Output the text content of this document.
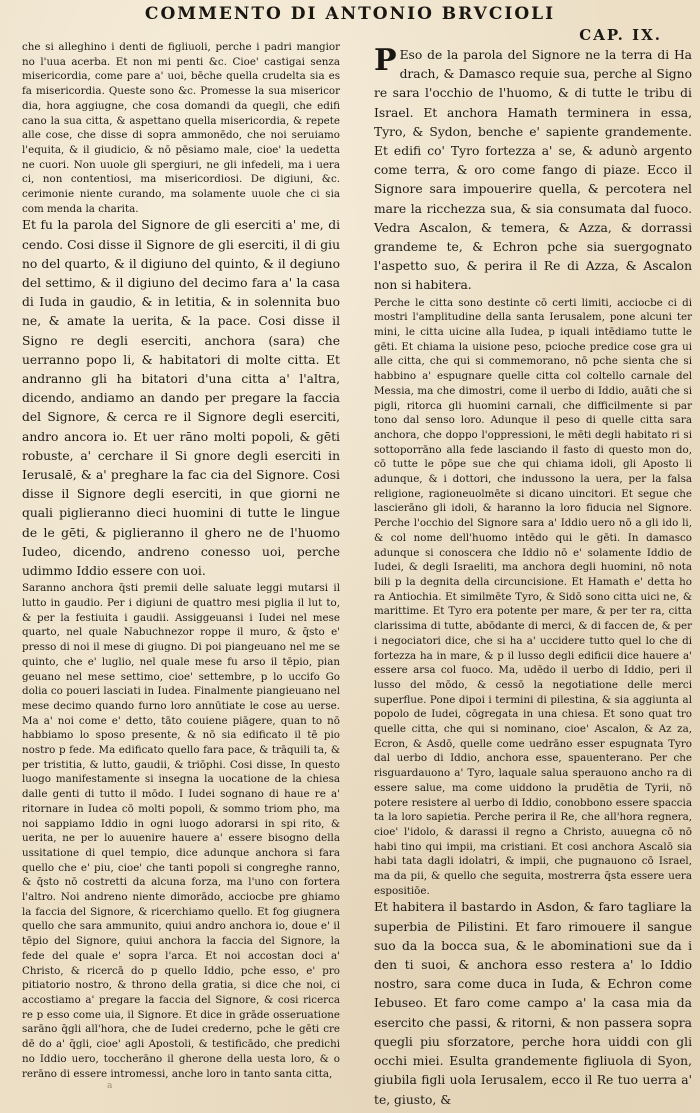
COMMENTO DI ANTONIO BRVCIOLI

che si alleghino i denti de figliuoli, perche i padri mangior no l'uua acerba. Et non mi penti &c. Cioe' castigai senza misericordia, come pare a' uoi, bēche quella crudelta sia es fa misericordia. Queste sono &c. Promesse la sua misericor dia, hora aggiugne, che cosa domandi da quegli, che edifi cano la sua citta, & aspettano quella misericordia, & repete alle cose, che disse di sopra ammonēdo, che noi seruiamo l'equita, & il giudicio, & nō pēsiamo male, cioe' la uedetta ne cuori. Non uuole gli spergiuri, ne gli infedeli, ma i uera ci, non contentiosi, ma misericordiosi. De digiuni, &c. cerimonie niente curando, ma solamente uuole che ci sia com menda la charita.

Et fu la parola del Signore de gli eserciti a' me, di cendo. Cosi disse il Signore de gli eserciti, il di giu no del quarto, & il digiuno del quinto, & il degiuno del settimo, & il digiuno del decimo fara a' la casa di Iuda in gaudio, & in letitia, & in solennita buo ne, & amate la uerita, & la pace. Cosi disse il Signo re degli eserciti, anchora (sara) che uerranno popo li, & habitatori di molte citta. Et andranno gli ha bitatori d'una citta a' l'altra, dicendo, andiamo an dando per pregare la faccia del Signore, & cerca re il Signore degli eserciti, andro ancora io. Et uer rāno molti popoli, & gēti robuste, a' cerchare il Si gnore degli eserciti in Ierusalē, & a' preghare la fac cia del Signore. Cosi disse il Signore degli eserciti, in que giorni ne quali piglieranno dieci huomini di tutte le lingue de le gēti, & piglieranno il ghero ne de l'huomo Iudeo, dicendo, andreno conesso uoi, perche udimmo Iddio essere con uoi.

Saranno anchora q̄sti premii delle saluate leggi mutarsi il lutto in gaudio. Per i digiuni de quattro mesi piglia il lut to, & per la festiuita i gaudii. Assiggeuansi i Iudei nel mese quarto, nel quale Nabuchnezor roppe il muro, & q̄sto e' presso di noi il mese di giugno. Di poi piangeuano nel me se quinto, che e' luglio, nel quale mese fu arso il tēpio, pian geuano nel mese settimo, cioe' settembre, p lo uccifo Go dolia co poueri lasciati in Iudea. Finalmente piangieuano nel mese decimo quando furno loro annūtiate le cose au uerse. Ma a' noi come e' detto, tāto couiene piāgere, quan to nō habbiamo lo sposo presente, & nō sia edificato il tē pio nostro p fede. Ma edificato quello fara pace, & trāquili ta, & per tristitia, & lutto, gaudii, & triōphi. Cosi disse, In questo luogo manifestamente si insegna la uocatione de la chiesa dalle genti di tutto il mōdo. I Iudei sognano di haue re a' ritornare in Iudea cō molti popoli, & sommo triom pho, ma noi sappiamo Iddio in ogni luogo adorarsi in spi rito, & uerita, ne per lo auuenire hauere a' essere bisogno della ussitatione di quel tempio, dice adunque anchora si fara quello che e' piu, cioe' che tanti popoli si congreghe ranno, & q̄sto nō costretti da alcuna forza, ma l'uno con fortera l'altro. Noi andreno niente dimorādo, acciocbe pre ghiamo la faccia del Signore, & ricerchiamo quello. Et fog giugnera quello che sara ammunito, quiui andro anchora io, doue e' il tēpio del Signore, quiui anchora la faccia del Signore, la fede del quale e' sopra l'arca. Et noi accostan doci a' Christo, & ricercā do p quello Iddio, pche esso, e' pro pitiatorio nostro, & throno della gratia, si dice che noi, ci accostiamo a' pregare la faccia del Signore, & cosi ricerca re p esso come uia, il Signore. Et dice in grāde osseruatione sarāno q̄gli all'hora, che de Iudei crederno, pche le gēti cre dē do a' q̄gli, cioe' agli Apostoli, & testificādo, che predichi no Iddio uero, toccherāno il gherone della uesta loro, & o rerāno di essere intromessi, anche loro in tanto santa citta,

CAP. IX.

P Eso de la parola del Signore ne la terra di Ha drach, & Damasco requie sua, perche al Signo re sara l'occhio de l'huomo, & di tutte le tribu di Israel. Et anchora Hamath terminera in essa, Tyro, & Sydon, benche e' sapiente grandemente. Et edifi co' Tyro fortezza a' se, & adunò argento come terra, & oro come fango di piaze. Ecco il Signore sara impouerire quella, & percotera nel mare la ricchezza sua, & sia consumata dal fuoco. Vedra Ascalon, & temera, & Azza, & dorrassi grandeme te, & Echron pche sia suergognato l'aspetto suo, & perira il Re di Azza, & Ascalon non si habitera.

Perche le citta sono destinte cō certi limiti, acciocbe ci di mostri l'amplitudine della santa Ierusalem, pone alcuni ter mini, le citta uicine alla Iudea, p iquali intēdiamo tutte le gēti. Et chiama la uisione peso, pcioche predice cose gra ui alle citta, che qui si commemorano, nō pche sienta che si habbino a' espugnare quelle citta col coltello carnale del Messia, ma che dimostri, come il uerbo di Iddio, auāti che si pigli, ritorca gli huomini carnali, che difficilmente si par tono dal senso loro. Adunque il peso di quelle citta sara anchora, che doppo l'oppressioni, le mēti degli habitato ri si sottoporrāno alla fede lasciando il fasto di questo mon do, cō tutte le pōpe sue che qui chiama idoli, gli Aposto li adunque, & i dottori, che indussono la uera, per la falsa religione, ragioneuolmēte si dicano uincitori. Et segue che lascierāno gli idoli, & haranno la loro fiducia nel Signore. Perche l'occhio del Signore sara a' Iddio uero nō a gli ido li, & col nome dell'huomo intēdo qui le gēti. In damasco adunque si conoscera che Iddio nō e' solamente Iddio de Iudei, & degli Israeliti, ma anchora degli huomini, nō nota bili p la degnita della circuncisione. Et Hamath e' detta ho ra Antiochia. Et similmēte Tyro, & Sidō sono citta uici ne, & marittime. Et Tyro era potente per mare, & per ter ra, citta clarissima di tutte, abōdante di merci, & di faccen de, & per i negociatori dice, che si ha a' uccidere tutto quel lo che di fortezza ha in mare, & p il lusso degli edificii dice hauere a' essere arsa col fuoco. Ma, udēdo il uerbo di Iddio, peri il lusso del mōdo, & cessō la negotiatione delle merci superflue. Pone dipoi i termini di pilestina, & sia aggiunta al popolo de Iudei, cōgregata in una chiesa. Et sono quat tro quelle citta, che qui si nominano, cioe' Ascalon, & Az za, Ecron, & Asdō, quelle come uedrāno esser espugnata Tyro dal uerbo di Iddio, anchora esse, spauenterano. Per che risguardauono a' Tyro, laquale salua sperauono ancho ra di essere salue, ma come uiddono la prudētia de Tyrii, nō potere resistere al uerbo di Iddio, conobbono essere spaccia ta la loro sapietia. Perche perira il Re, che all'hora regnera, cioe' l'idolo, & darassi il regno a Christo, auuegna cō nō habi tino qui impii, ma cristiani. Et cosi anchora Ascalō sia habi tata dagli idolatri, & impii, che pugnauono cō Israel, ma da pii, & quello che seguita, mostrerra q̄sta essere uera espositiōe.

Et habitera il bastardo in Asdon, & faro tagliare la superbia de Pilistini. Et faro rimouere il sangue suo da la bocca sua, & le abominationi sue da i den ti suoi, & anchora esso restera a' lo Iddio nostro, sara come duca in Iuda, & Echron come Iebuseo. Et faro come campo a' la casa mia da esercito che passi, & ritorni, & non passera sopra quegli piu sforzatore, perche hora uiddi con gli occhi miei. Esulta grandemente figliuola di Syon, giubila figli uola Ierusalem, ecco il Re tuo uerra a' te, giusto, &

a
